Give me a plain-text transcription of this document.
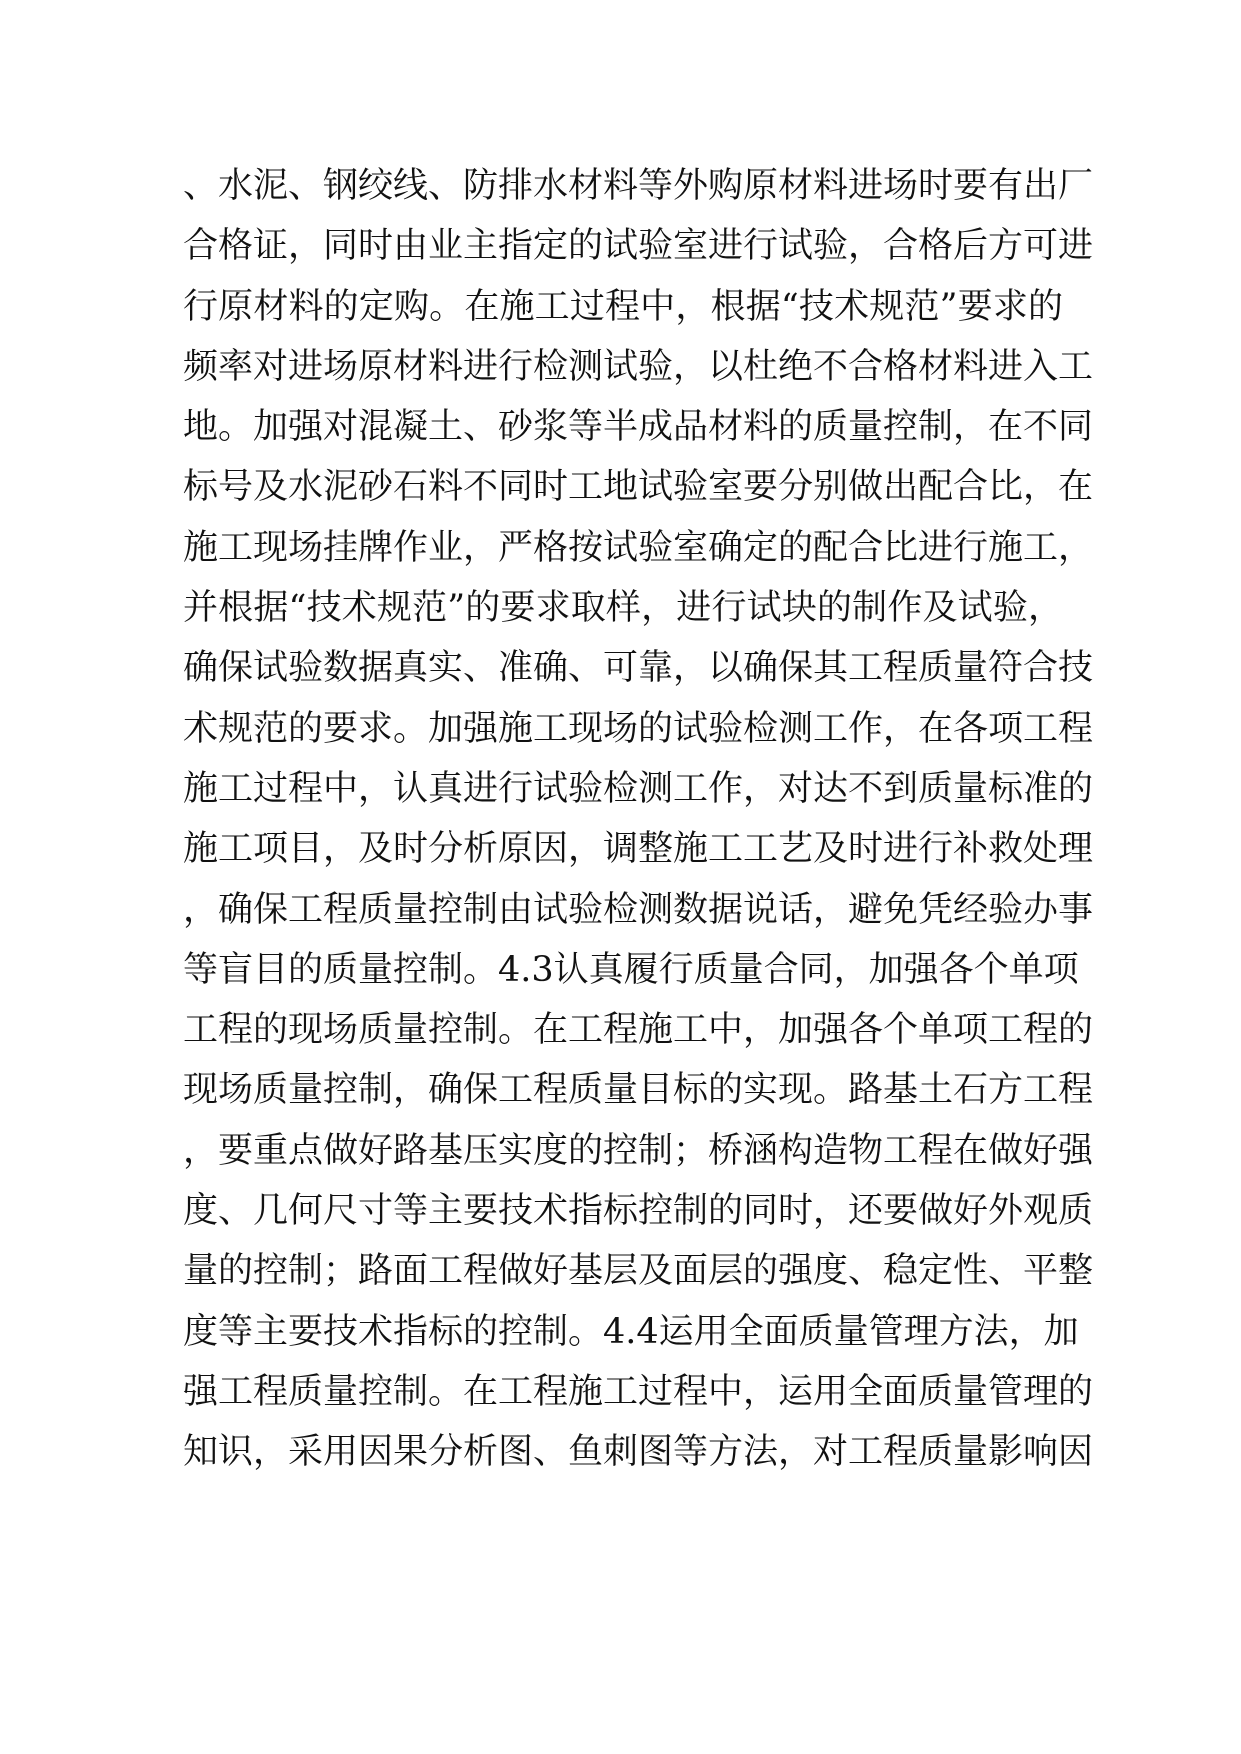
、水泥、钢绞线、防排水材料等外购原材料进场时要有出厂
合格证，同时由业主指定的试验室进行试验，合格后方可进
行原材料的定购。在施工过程中，根据“技术规范”要求的
频率对进场原材料进行检测试验，以杜绝不合格材料进入工
地。加强对混凝土、砂浆等半成品材料的质量控制，在不同
标号及水泥砂石料不同时工地试验室要分别做出配合比，在
施工现场挂牌作业，严格按试验室确定的配合比进行施工，
并根据“技术规范”的要求取样，进行试块的制作及试验，
确保试验数据真实、准确、可靠，以确保其工程质量符合技
术规范的要求。加强施工现场的试验检测工作，在各项工程
施工过程中，认真进行试验检测工作，对达不到质量标准的
施工项目，及时分析原因，调整施工工艺及时进行补救处理
，确保工程质量控制由试验检测数据说话，避免凭经验办事
等盲目的质量控制。4.3认真履行质量合同，加强各个单项
工程的现场质量控制。在工程施工中，加强各个单项工程的
现场质量控制，确保工程质量目标的实现。路基土石方工程
，要重点做好路基压实度的控制；桥涵构造物工程在做好强
度、几何尺寸等主要技术指标控制的同时，还要做好外观质
量的控制；路面工程做好基层及面层的强度、稳定性、平整
度等主要技术指标的控制。4.4运用全面质量管理方法，加
强工程质量控制。在工程施工过程中，运用全面质量管理的
知识，采用因果分析图、鱼刺图等方法，对工程质量影响因
